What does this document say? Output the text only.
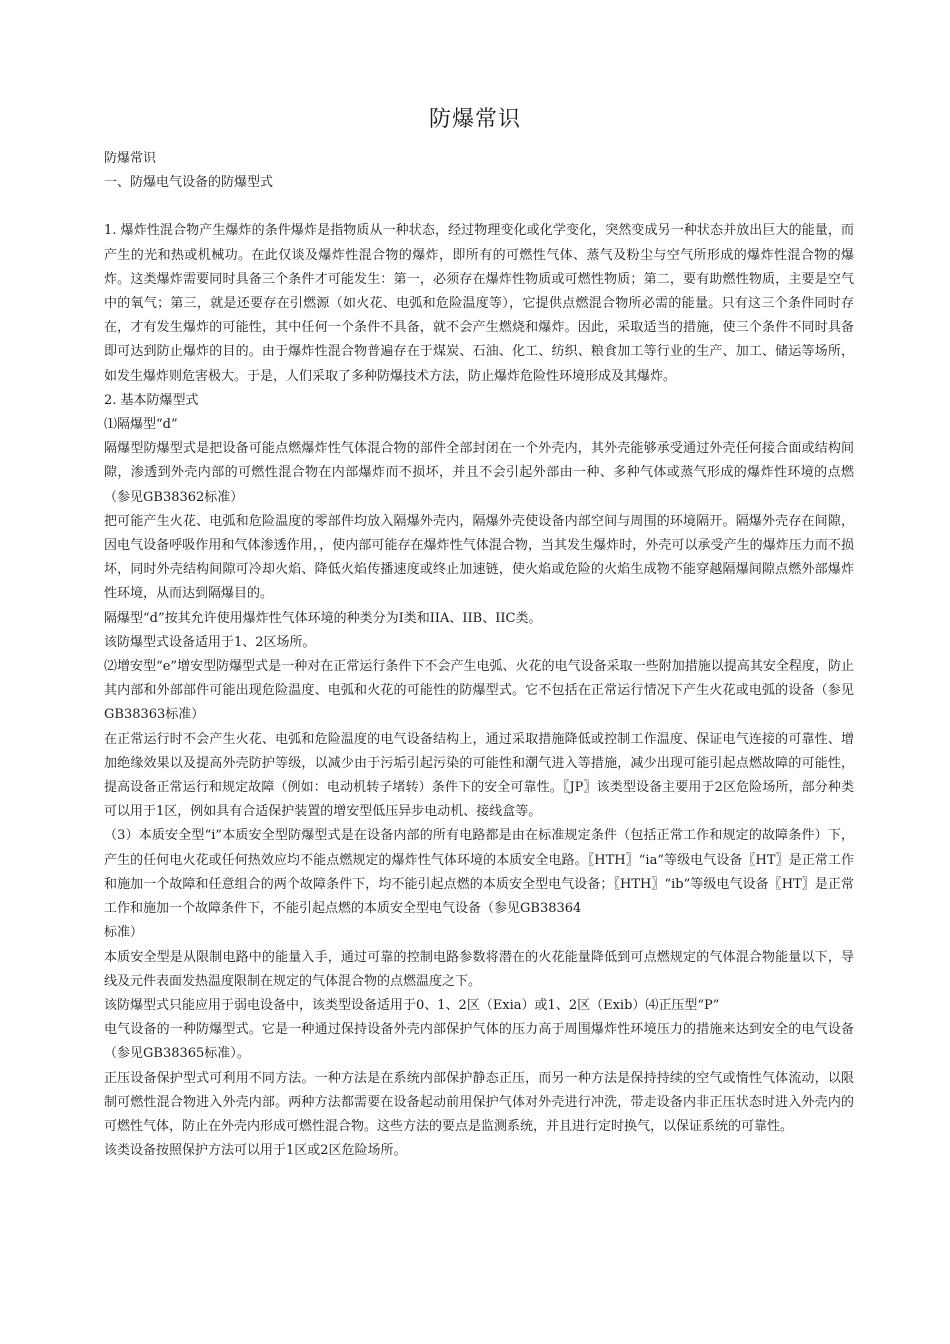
防爆常识

防爆常识

一、防爆电气设备的防爆型式

1. 爆炸性混合物产生爆炸的条件爆炸是指物质从一种状态，经过物理变化或化学变化，突然变成另一种状态并放出巨大的能量，而产生的光和热或机械功。在此仅谈及爆炸性混合物的爆炸，即所有的可燃性气体、蒸气及粉尘与空气所形成的爆炸性混合物的爆炸。这类爆炸需要同时具备三个条件才可能发生：第一，必须存在爆炸性物质或可燃性物质；第二，要有助燃性物质，主要是空气中的氧气；第三，就是还要存在引燃源（如火花、电弧和危险温度等），它提供点燃混合物所必需的能量。只有这三个条件同时存在，才有发生爆炸的可能性，其中任何一个条件不具备，就不会产生燃烧和爆炸。因此，采取适当的措施，使三个条件不同时具备即可达到防止爆炸的目的。由于爆炸性混合物普遍存在于煤炭、石油、化工、纺织、粮食加工等行业的生产、加工、储运等场所，如发生爆炸则危害极大。于是，人们采取了多种防爆技术方法，防止爆炸危险性环境形成及其爆炸。

2. 基本防爆型式

⑴隔爆型“d”

隔爆型防爆型式是把设备可能点燃爆炸性气体混合物的部件全部封闭在一个外壳内，其外壳能够承受通过外壳任何接合面或结构间隙，渗透到外壳内部的可燃性混合物在内部爆炸而不损坏，并且不会引起外部由一种、多种气体或蒸气形成的爆炸性环境的点燃（参见GB38362标准）

把可能产生火花、电弧和危险温度的零部件均放入隔爆外壳内，隔爆外壳使设备内部空间与周围的环境隔开。隔爆外壳存在间隙，因电气设备呼吸作用和气体渗透作用，，使内部可能存在爆炸性气体混合物，当其发生爆炸时，外壳可以承受产生的爆炸压力而不损坏，同时外壳结构间隙可冷却火焰、降低火焰传播速度或终止加速链，使火焰或危险的火焰生成物不能穿越隔爆间隙点燃外部爆炸性环境，从而达到隔爆目的。

隔爆型“d”按其允许使用爆炸性气体环境的种类分为I类和IIA、IIB、IIC类。

该防爆型式设备适用于1、2区场所。

⑵增安型“e”增安型防爆型式是一种对在正常运行条件下不会产生电弧、火花的电气设备采取一些附加措施以提高其安全程度，防止其内部和外部部件可能出现危险温度、电弧和火花的可能性的防爆型式。它不包括在正常运行情况下产生火花或电弧的设备（参见GB38363标准）

在正常运行时不会产生火花、电弧和危险温度的电气设备结构上，通过采取措施降低或控制工作温度、保证电气连接的可靠性、增加绝缘效果以及提高外壳防护等级，以减少由于污垢引起污染的可能性和潮气进入等措施，减少出现可能引起点燃故障的可能性，提高设备正常运行和规定故障（例如：电动机转子堵转）条件下的安全可靠性。〖JP〗该类型设备主要用于2区危险场所，部分种类可以用于1区，例如具有合适保护装置的增安型低压异步电动机、接线盒等。

（3）本质安全型“i”本质安全型防爆型式是在设备内部的所有电路都是由在标准规定条件（包括正常工作和规定的故障条件）下，产生的任何电火花或任何热效应均不能点燃规定的爆炸性气体环境的本质安全电路。〖HTH〗“ia”等级电气设备〖HT〗是正常工作和施加一个故障和任意组合的两个故障条件下，均不能引起点燃的本质安全型电气设备；〖HTH〗“ib”等级电气设备〖HT〗是正常工作和施加一个故障条件下，不能引起点燃的本质安全型电气设备（参见GB38364

标准）

本质安全型是从限制电路中的能量入手，通过可靠的控制电路参数将潜在的火花能量降低到可点燃规定的气体混合物能量以下，导线及元件表面发热温度限制在规定的气体混合物的点燃温度之下。

该防爆型式只能应用于弱电设备中，该类型设备适用于0、1、2区（Exia）或1、2区（Exib）⑷正压型“P”

电气设备的一种防爆型式。它是一种通过保持设备外壳内部保护气体的压力高于周围爆炸性环境压力的措施来达到安全的电气设备（参见GB38365标准）。

正压设备保护型式可利用不同方法。一种方法是在系统内部保护静态正压，而另一种方法是保持持续的空气或惰性气体流动，以限制可燃性混合物进入外壳内部。两种方法都需要在设备起动前用保护气体对外壳进行冲洗，带走设备内非正压状态时进入外壳内的可燃性气体，防止在外壳内形成可燃性混合物。这些方法的要点是监测系统，并且进行定时换气，以保证系统的可靠性。

该类设备按照保护方法可以用于1区或2区危险场所。
